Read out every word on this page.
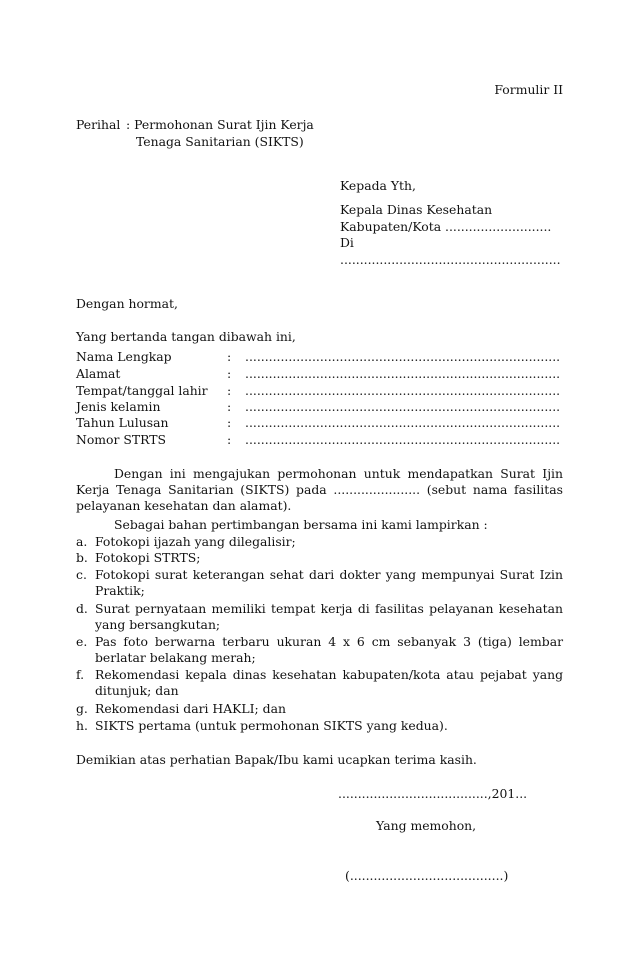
Formulir II
Perihal : Permohonan Surat Ijin Kerja
Tenaga Sanitarian (SIKTS)
Kepada Yth,
Kepala Dinas Kesehatan
Kabupaten/Kota ...........................
Di
........................................................
Dengan hormat,
Yang bertanda tangan dibawah ini,
Nama Lengkap	: ................................................................................
Alamat	: ................................................................................
Tempat/tanggal lahir : ................................................................................
Jenis kelamin	: ................................................................................
Tahun Lulusan	: ................................................................................
Nomor STRTS	: ................................................................................
Dengan ini mengajukan permohonan untuk mendapatkan Surat Ijin
Kerja Tenaga Sanitarian (SIKTS) pada ...................... (sebut nama fasilitas
pelayanan kesehatan dan alamat).
Sebagai bahan pertimbangan bersama ini kami lampirkan :
a. Fotokopi ijazah yang dilegalisir;
b. Fotokopi STRTS;
c. Fotokopi surat keterangan sehat dari dokter yang mempunyai Surat Izin
Praktik;
d. Surat pernyataan memiliki tempat kerja di fasilitas pelayanan kesehatan
yang bersangkutan;
e. Pas foto berwarna terbaru ukuran 4 x 6 cm sebanyak 3 (tiga) lembar
berlatar belakang merah;
f. Rekomendasi kepala dinas kesehatan kabupaten/kota atau pejabat yang
ditunjuk; dan
g. Rekomendasi dari HAKLI; dan
h. SIKTS pertama (untuk permohonan SIKTS yang kedua).
Demikian atas perhatian Bapak/Ibu kami ucapkan terima kasih.
......................................,201...
Yang memohon,
(.......................................)
